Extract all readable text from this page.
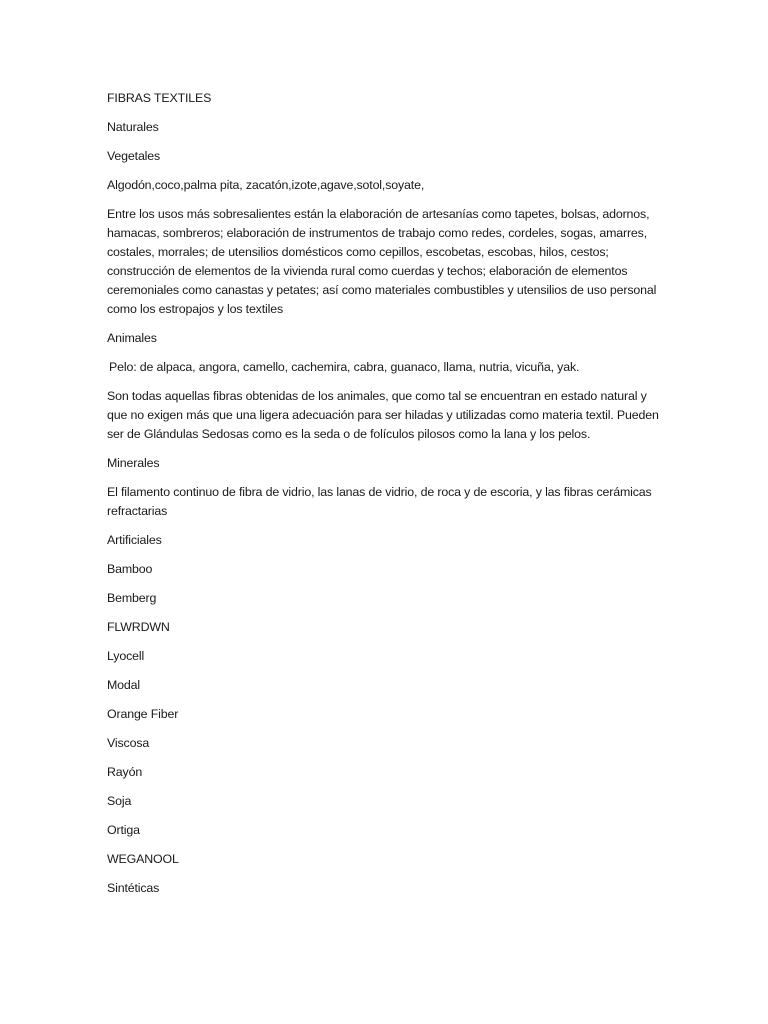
FIBRAS TEXTILES

Naturales

Vegetales

Algodón,coco,palma pita, zacatón,izote,agave,sotol,soyate,

Entre los usos más sobresalientes están la elaboración de artesanías como tapetes, bolsas, adornos, hamacas, sombreros; elaboración de instrumentos de trabajo como redes, cordeles, sogas, amarres, costales, morrales; de utensilios domésticos como cepillos, escobetas, escobas, hilos, cestos; construcción de elementos de la vivienda rural como cuerdas y techos; elaboración de elementos ceremoniales como canastas y petates; así como materiales combustibles y utensilios de uso personal como los estropajos y los textiles

Animales

Pelo: de alpaca, angora, camello, cachemira, cabra, guanaco, llama, nutria, vicuña, yak.

Son todas aquellas fibras obtenidas de los animales, que como tal se encuentran en estado natural y que no exigen más que una ligera adecuación para ser hiladas y utilizadas como materia textil. Pueden ser de Glándulas Sedosas como es la seda o de folículos pilosos como la lana y los pelos.

Minerales

El filamento continuo de fibra de vidrio, las lanas de vidrio, de roca y de escoria, y las fibras cerámicas refractarias

Artificiales

Bamboo

Bemberg

FLWRDWN

Lyocell

Modal

Orange Fiber

Viscosa

Rayón

Soja

Ortiga

WEGANOOL

Sintéticas
